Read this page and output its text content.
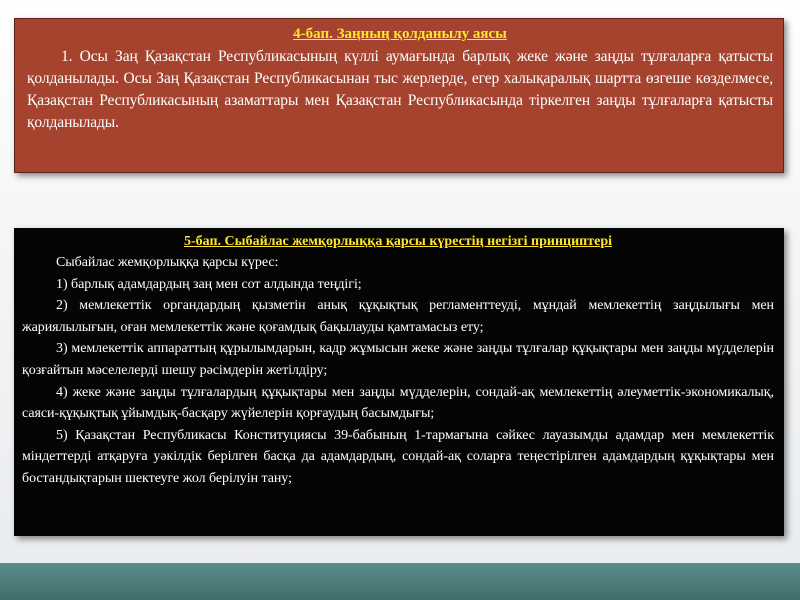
4-бап. Заңның қолданылу аясы

1. Осы Заң Қазақстан Республикасының күллі аумағында барлық жеке және заңды тұлғаларға қатысты қолданылады. Осы Заң Қазақстан Республикасынан тыс жерлерде, егер халықаралық шартта өзгеше көзделмесе, Қазақстан Республикасының азаматтары мен Қазақстан Республикасында тіркелген заңды тұлғаларға қатысты қолданылады.

5-бап. Сыбайлас жемқорлыққа қарсы күрестің негізгі принциптері

Сыбайлас жемқорлыққа қарсы күрес:

1) барлық адамдардың заң мен сот алдында теңдігі;

2) мемлекеттік органдардың қызметін анық құқықтық регламенттеуді, мұндай мемлекеттің заңдылығы мен жариялылығын, оған мемлекеттік және қоғамдық бақылауды қамтамасыз ету;

3) мемлекеттік аппараттың құрылымдарын, кадр жұмысын жеке және заңды тұлғалар құқықтары мен заңды мүдделерін қозғайтын мәселелерді шешу рәсімдерін жетілдіру;

4) жеке және заңды тұлғалардың құқықтары мен заңды мүдделерін, сондай-ақ мемлекеттің әлеуметтік-экономикалық, саяси-құқықтық ұйымдық-басқару жүйелерін қорғаудың басымдығы;

5) Қазақстан Республикасы Конституциясы 39-бабының 1-тармағына сәйкес лауазымды адамдар мен мемлекеттік міндеттерді атқаруға уәкілдік берілген басқа да адамдардың, сондай-ақ соларға теңестірілген адамдардың құқықтары мен бостандықтарын шектеуге жол берілуін тану;
